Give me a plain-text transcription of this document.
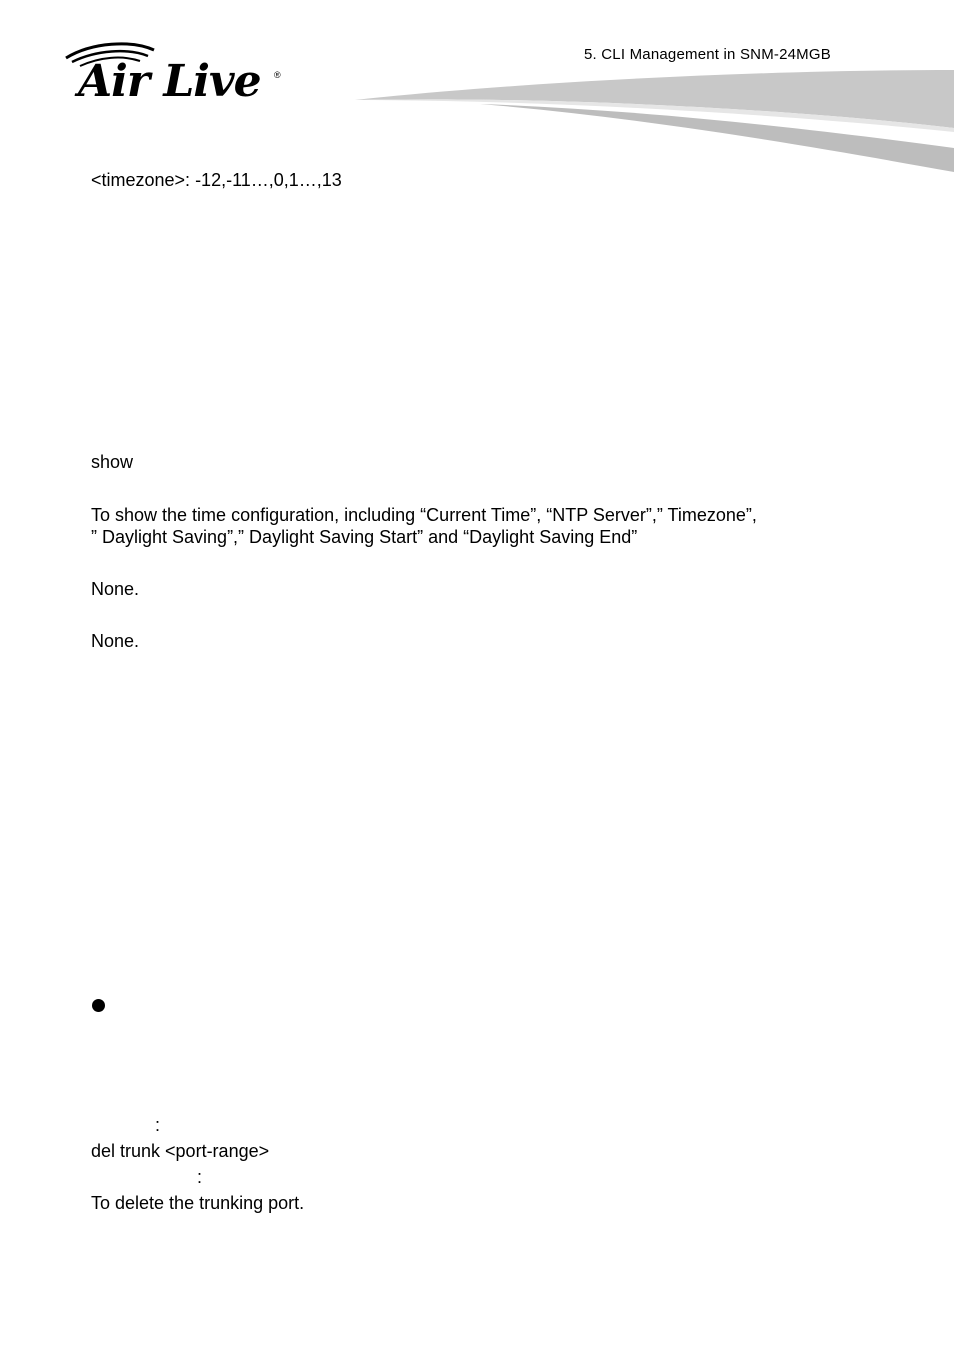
Air Live ®
5. CLI Management in SNM-24MGB
<timezone>: -12,-11…,0,1…,13
show
To show the time configuration, including “Current Time”, “NTP Server”,” Timezone”,
” Daylight Saving”,” Daylight Saving Start” and “Daylight Saving End”
None.
None.
:
del trunk <port-range>
:
To delete the trunking port.
